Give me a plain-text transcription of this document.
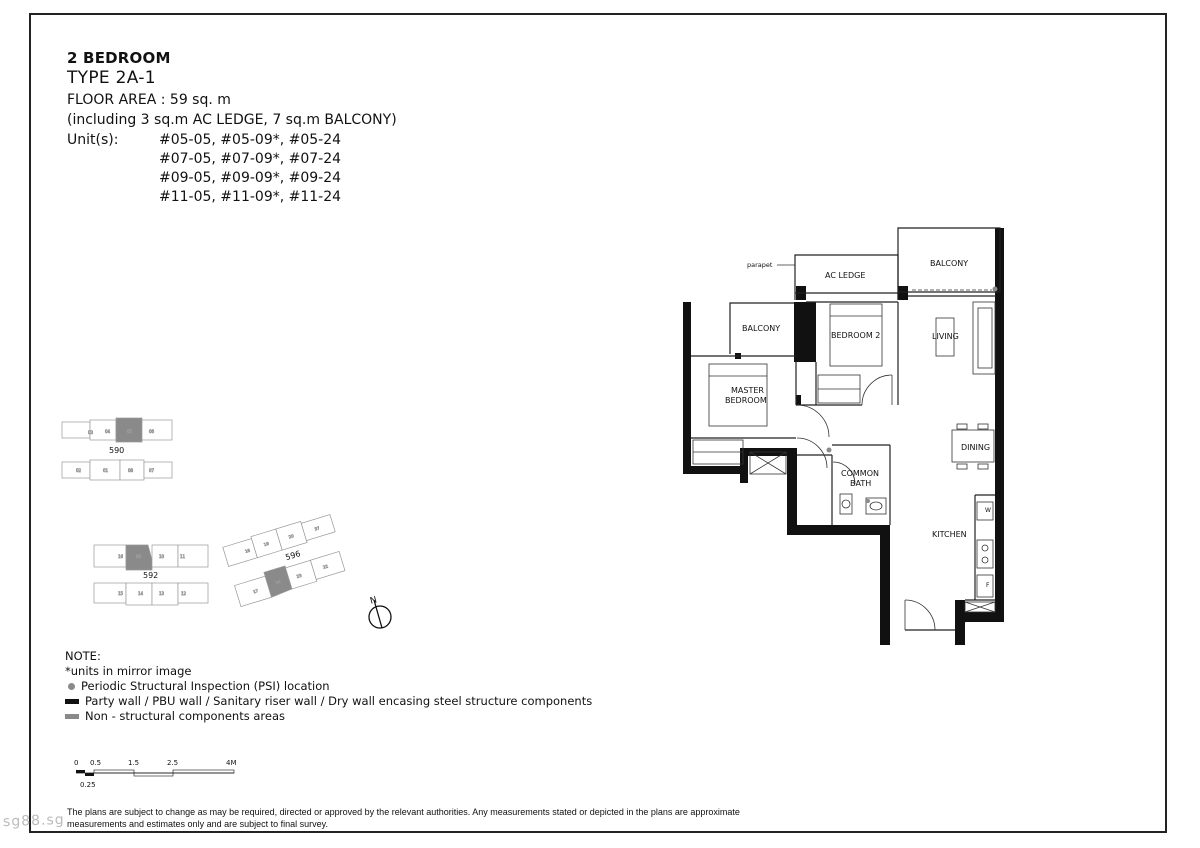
2 BEDROOM
TYPE 2A-1
FLOOR AREA : 59 sq. m
(including 3 sq.m AC LEDGE, 7 sq.m BALCONY)
Unit(s):	#05-05, #05-09*, #05-24
#07-05, #07-09*, #07-24
#09-05, #09-09*, #09-24
#11-05, #11-09*, #11-24
parapet
AC LEDGE
BALCONY
BALCONY
BEDROOM 2	LIVING
MASTER
BEDROOM
DINING
COMMON
BATH
KITCHEN
W
F
DB
03	04	05	06
02	01	08	07
590
16	09	10	11
15	14	13	12
592
18
19
20
37
17
24
23
22
596
N
0 0.5	1.5	2.5	4M
0.25
NOTE:
*units in mirror image
Periodic Structural Inspection (PSI) location
Party wall / PBU wall / Sanitary riser wall / Dry wall encasing steel structure components
Non - structural components areas
The plans are subject to change as may be required, directed or approved by the relevant authorities. Any measurements stated or depicted in the plans are approximate
measurements and estimates only and are subject to final survey.
sg88.sg
